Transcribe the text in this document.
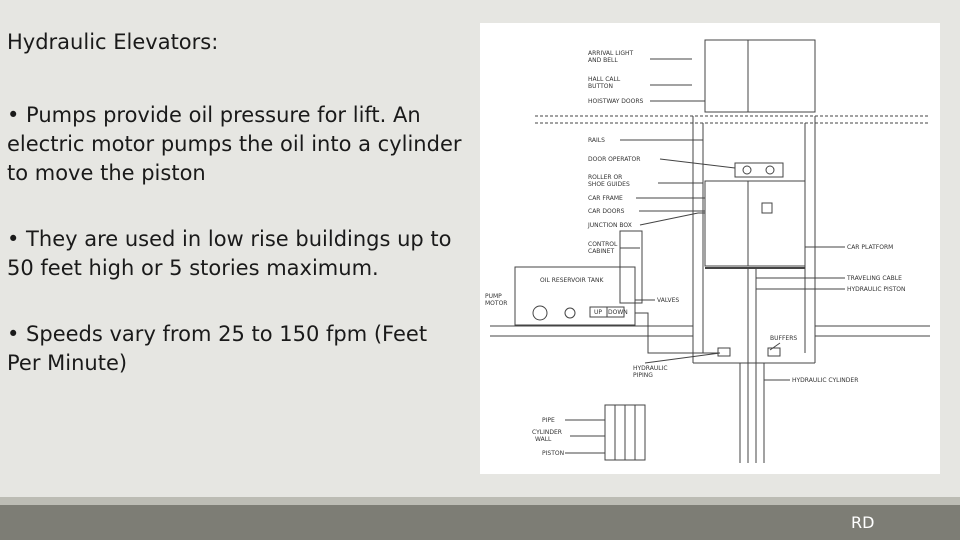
Hydraulic Elevators:

• Pumps provide oil pressure for lift. An electric motor pumps the oil into a cylinder to move the piston

• They are used in low rise buildings up to 50 feet high or 5 stories maximum.

• Speeds vary from 25 to 150 fpm (Feet Per Minute)

ARRIVAL LIGHT
AND BELL
HALL CALL
BUTTON
HOISTWAY DOORS
RAILS
DOOR OPERATOR
ROLLER OR
SHOE GUIDES
CAR FRAME
CAR DOORS
JUNCTION BOX
CONTROL
CABINET
CAR PLATFORM
OIL RESERVOIR TANK	TRAVELING CABLE
HYDRAULIC PISTON
PUMP
MOTOR
UP DOWN
VALVES
BUFFERS
HYDRAULIC
PIPING
HYDRAULIC CYLINDER
PIPE
CYLINDER
WALL
PISTON
RD
